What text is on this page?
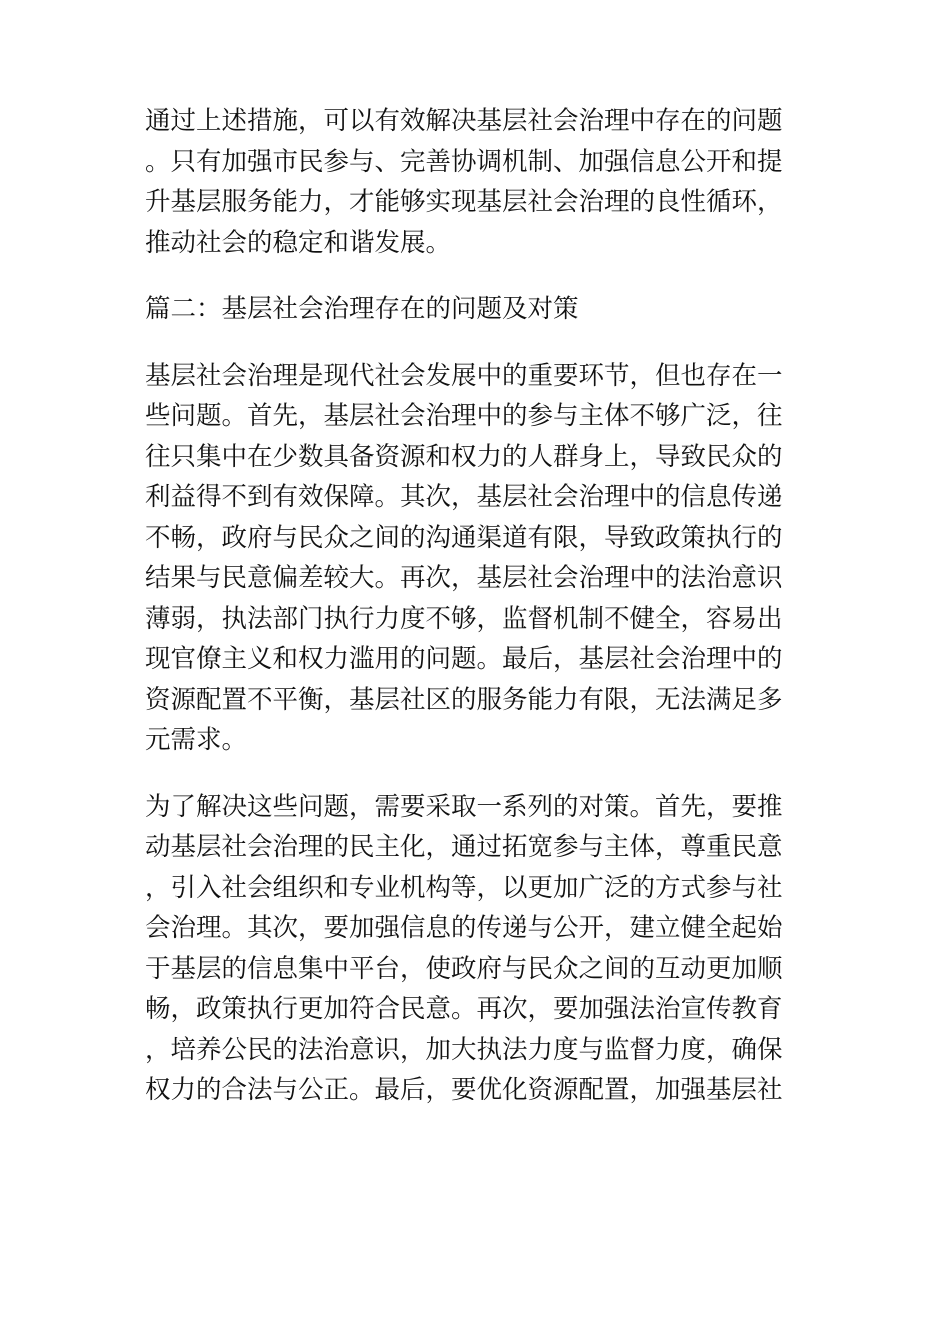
通过上述措施，可以有效解决基层社会治理中存在的问题
。只有加强市民参与、完善协调机制、加强信息公开和提
升基层服务能力，才能够实现基层社会治理的良性循环，
推动社会的稳定和谐发展。
篇二：基层社会治理存在的问题及对策
基层社会治理是现代社会发展中的重要环节，但也存在一
些问题。首先，基层社会治理中的参与主体不够广泛，往
往只集中在少数具备资源和权力的人群身上，导致民众的
利益得不到有效保障。其次，基层社会治理中的信息传递
不畅，政府与民众之间的沟通渠道有限，导致政策执行的
结果与民意偏差较大。再次，基层社会治理中的法治意识
薄弱，执法部门执行力度不够，监督机制不健全，容易出
现官僚主义和权力滥用的问题。最后，基层社会治理中的
资源配置不平衡，基层社区的服务能力有限，无法满足多
元需求。
为了解决这些问题，需要采取一系列的对策。首先，要推
动基层社会治理的民主化，通过拓宽参与主体，尊重民意
，引入社会组织和专业机构等，以更加广泛的方式参与社
会治理。其次，要加强信息的传递与公开，建立健全起始
于基层的信息集中平台，使政府与民众之间的互动更加顺
畅，政策执行更加符合民意。再次，要加强法治宣传教育
，培养公民的法治意识，加大执法力度与监督力度，确保
权力的合法与公正。最后，要优化资源配置，加强基层社
